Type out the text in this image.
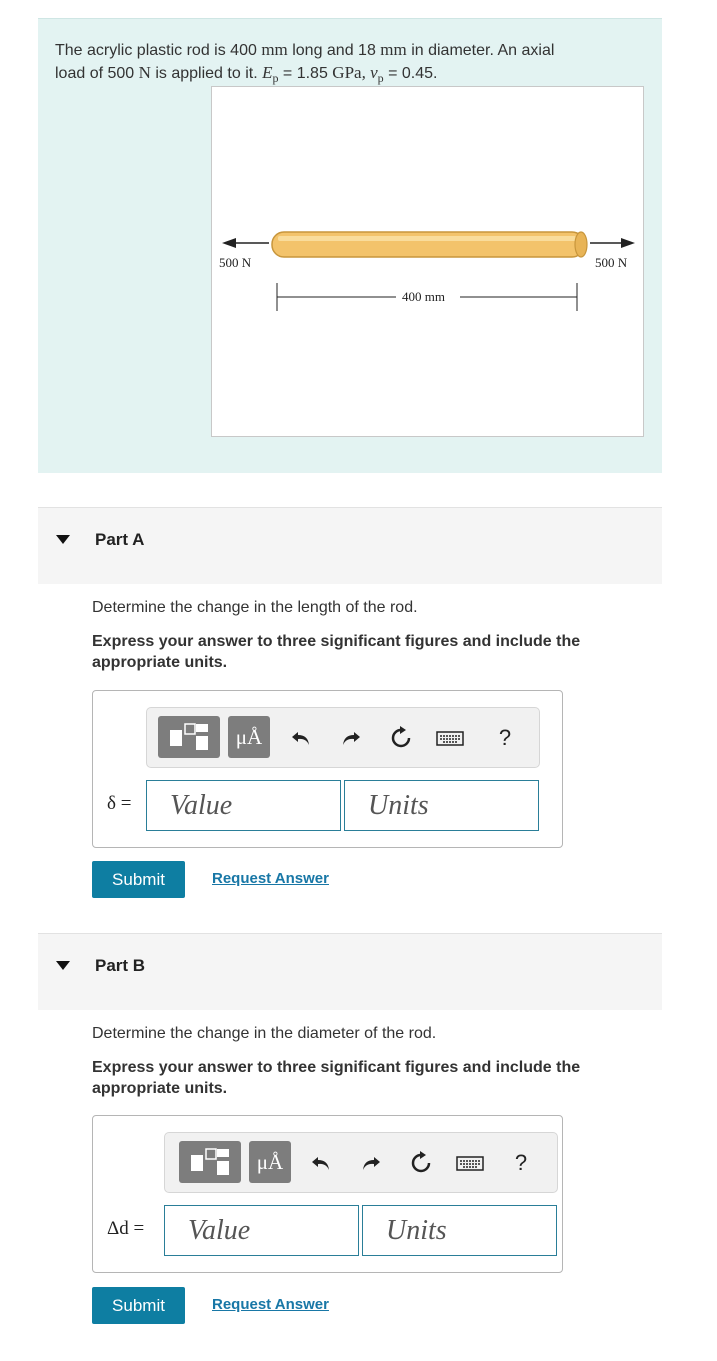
The acrylic plastic rod is 400 mm long and 18 mm in diameter. An axial
load of 500 N is applied to it. $E_p = 1.85$ GPa, $\nu_p = 0.45$.
500 N	500 N
400 mm
Part A
Determine the change in the length of the rod.
Express your answer to three significant figures and include the appropriate units.
μÅ	?
δ =	Value	Units
Submit	Request Answer
Part B
Determine the change in the diameter of the rod.
Express your answer to three significant figures and include the appropriate units.
μÅ	?
Δd =	Value	Units
Submit	Request Answer
